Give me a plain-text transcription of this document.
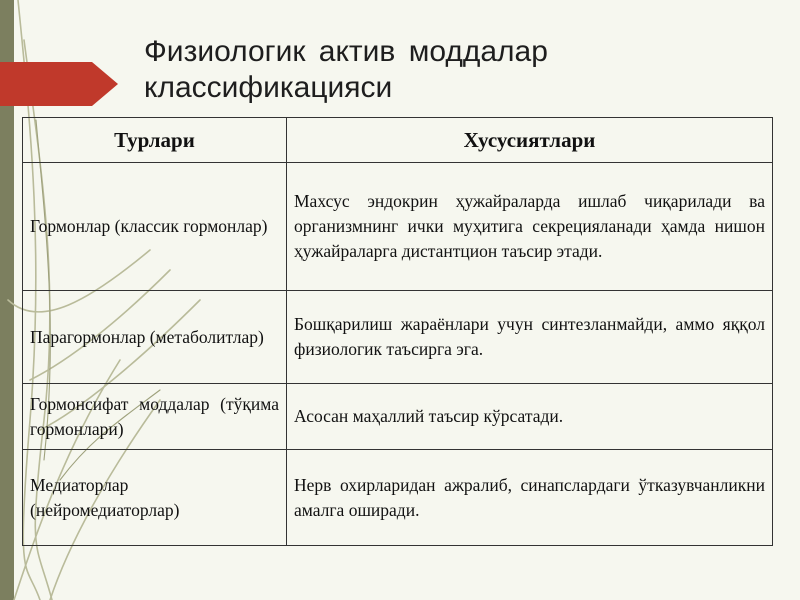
Физиологик актив моддалар
классификацияси
Турлари	Хусусиятлари
Гормонлар (классик гормонлар)	Махсус эндокрин ҳужайраларда ишлаб чиқарилади ва организмнинг ички муҳитига секрецияланади ҳамда нишон ҳужайраларга дистантцион таъсир этади.
Парагормонлар (метаболитлар)	Бошқарилиш жараёнлари учун синтезланмайди, аммо яққол физиологик таъсирга эга.
Гормонсифат моддалар (тўқима гормонлари)	Асосан маҳаллий таъсир кўрсатади.
Медиаторлар (нейромедиаторлар)	Нерв охирларидан ажралиб, синапслардаги ўтказувчанликни амалга оширади.
